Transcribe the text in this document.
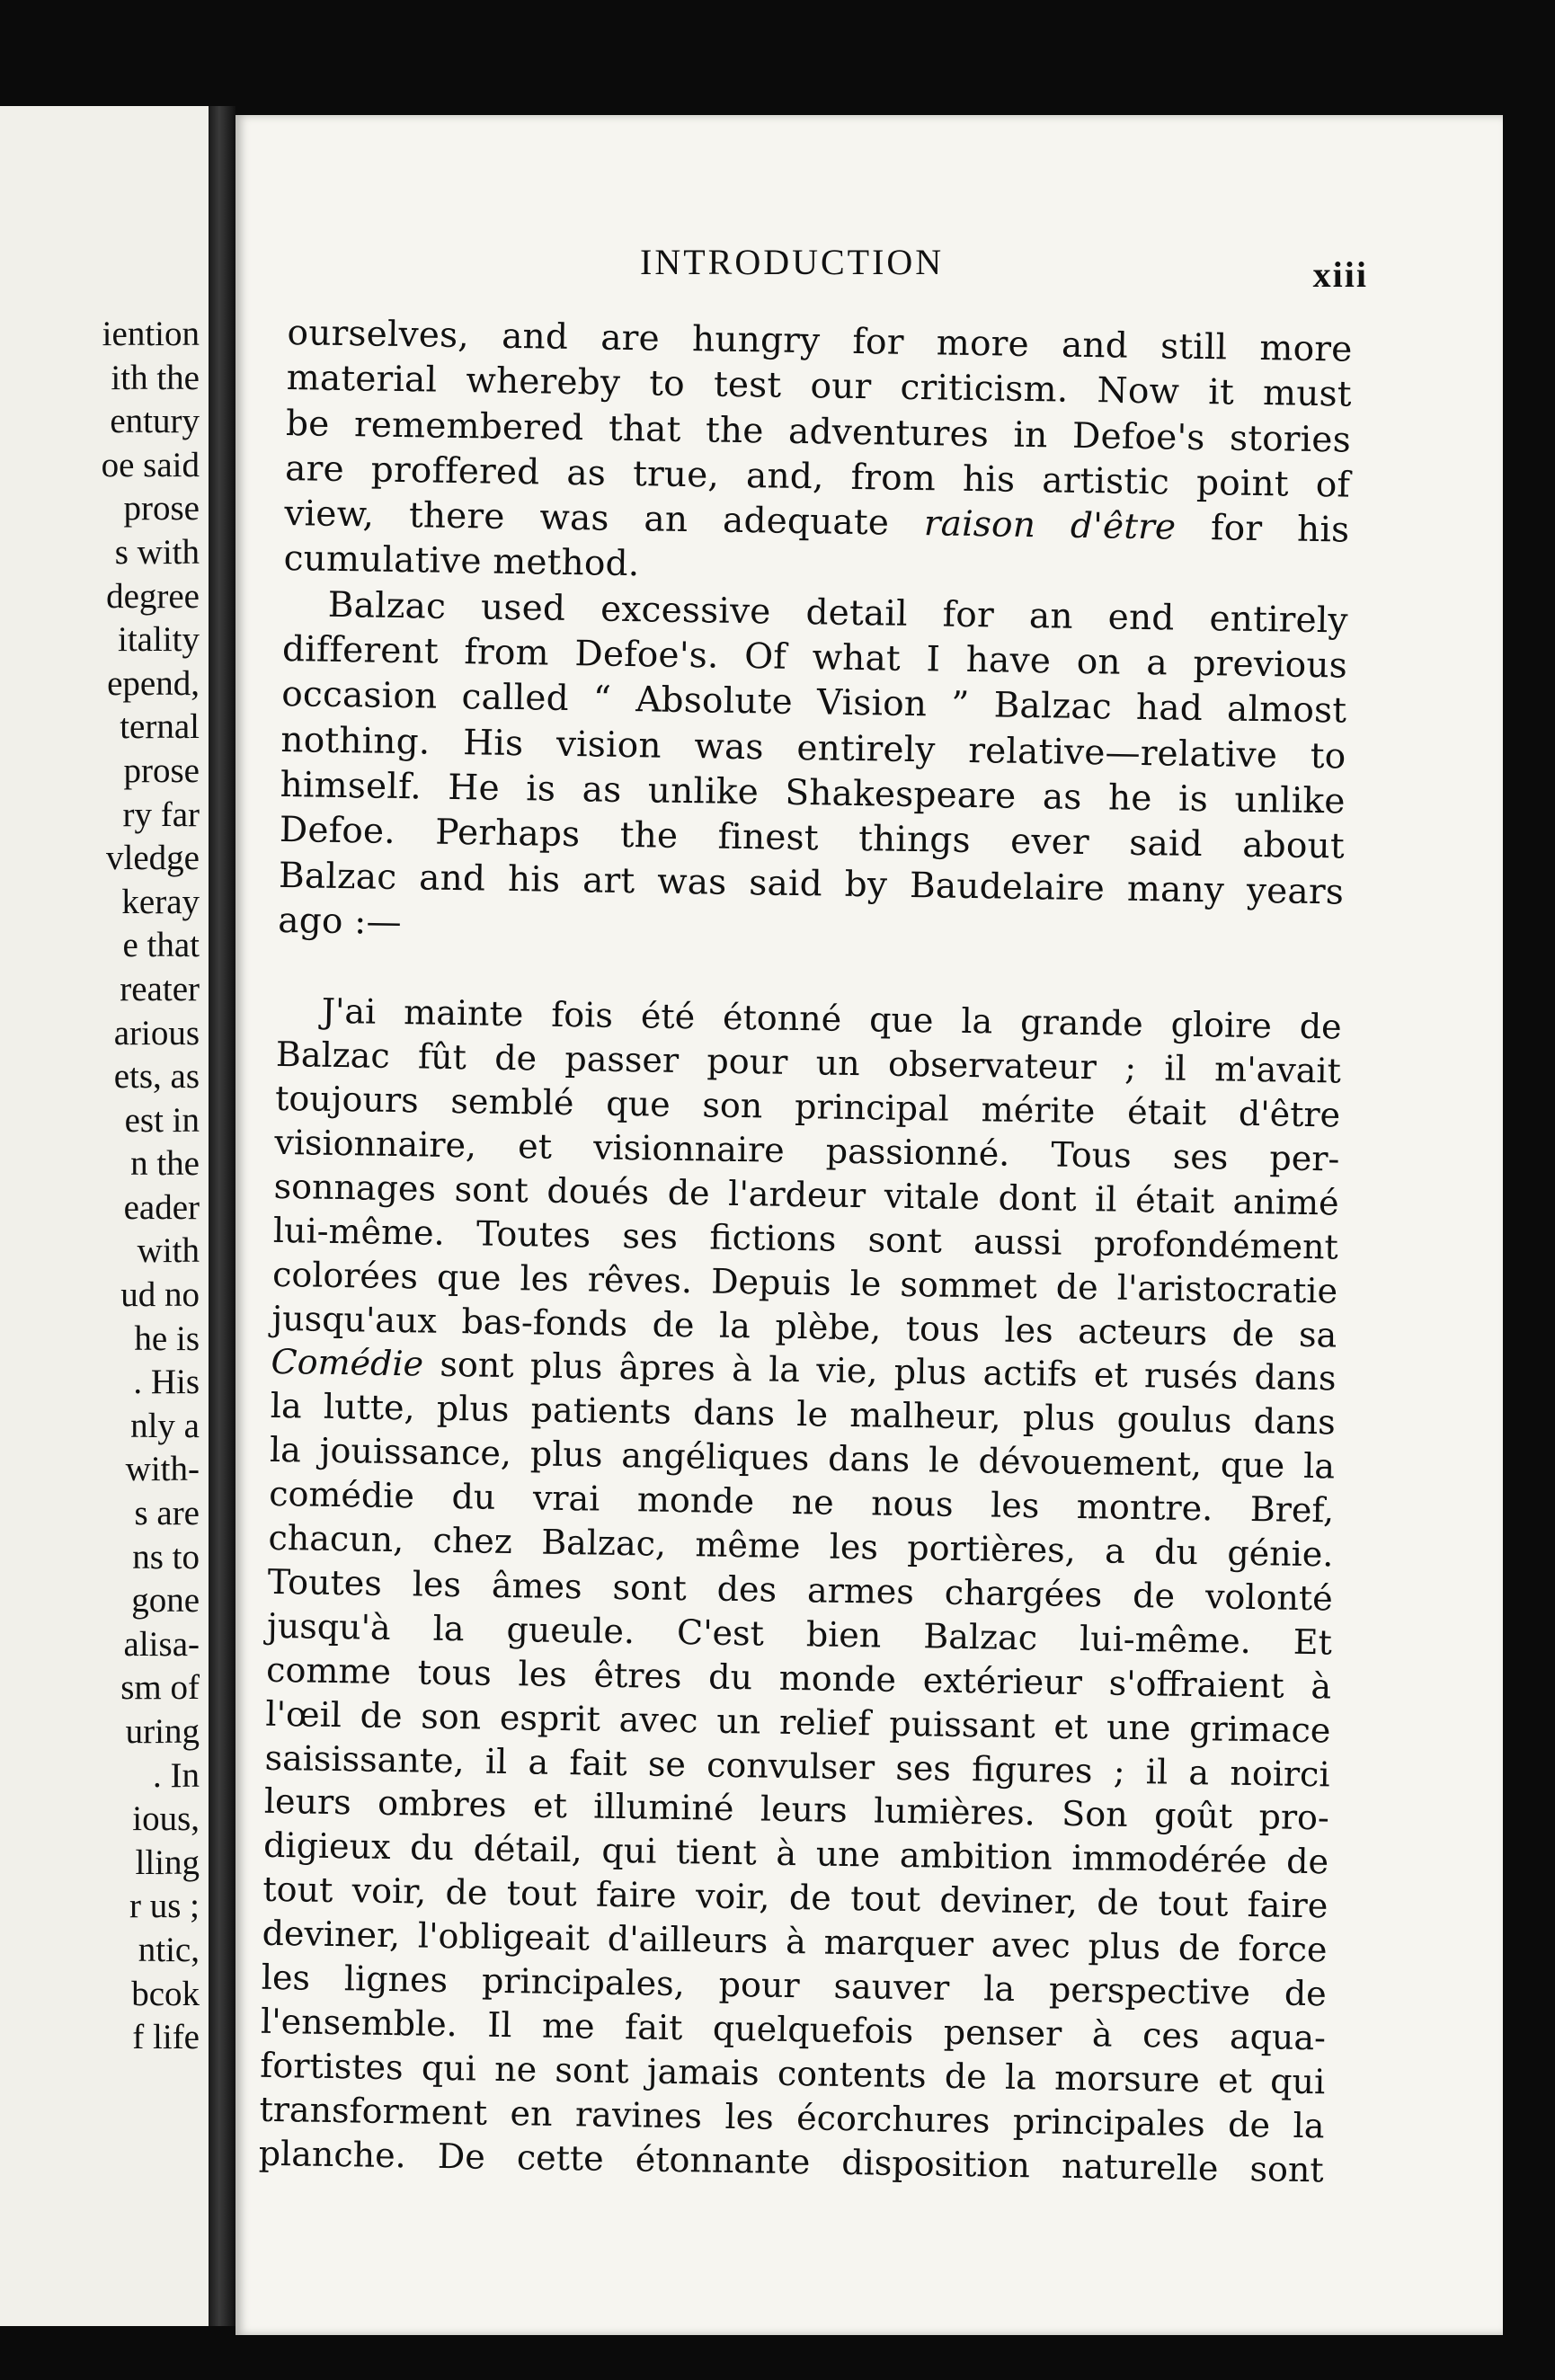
iention
ith the
entury
oe said
prose
s with
degree
itality
epend,
ternal
prose
ry far
vledge
keray
e that
reater
arious
ets, as
est in
n the
eader
with
ud no
he is
. His
nly a
with-
s are
ns to
gone
alisa-
sm of
uring
. In
ious,
lling
r us ;
ntic,
bcok
f life
INTRODUCTION	xiii

ourselves, and are hungry for more and still more
material whereby to test our criticism. Now it must
be remembered that the adventures in Defoe's stories
are proffered as true, and, from his artistic point of
view, there was an adequate raison d'être for his
cumulative method.

Balzac used excessive detail for an end entirely
different from Defoe's. Of what I have on a previous
occasion called “ Absolute Vision ” Balzac had almost
nothing. His vision was entirely relative—relative to
himself. He is as unlike Shakespeare as he is unlike
Defoe. Perhaps the finest things ever said about
Balzac and his art was said by Baudelaire many years
ago :—

J'ai mainte fois été étonné que la grande gloire de
Balzac fût de passer pour un observateur ; il m'avait
toujours semblé que son principal mérite était d'être
visionnaire, et visionnaire passionné. Tous ses per-
sonnages sont doués de l'ardeur vitale dont il était animé
lui-même. Toutes ses fictions sont aussi profondément
colorées que les rêves. Depuis le sommet de l'aristocratie
jusqu'aux bas-fonds de la plèbe, tous les acteurs de sa
Comédie sont plus âpres à la vie, plus actifs et rusés dans
la lutte, plus patients dans le malheur, plus goulus dans
la jouissance, plus angéliques dans le dévouement, que la
comédie du vrai monde ne nous les montre. Bref,
chacun, chez Balzac, même les portières, a du génie.
Toutes les âmes sont des armes chargées de volonté
jusqu'à la gueule. C'est bien Balzac lui-même. Et
comme tous les êtres du monde extérieur s'offraient à
l'œil de son esprit avec un relief puissant et une grimace
saisissante, il a fait se convulser ses figures ; il a noirci
leurs ombres et illuminé leurs lumières. Son goût pro-
digieux du détail, qui tient à une ambition immodérée de
tout voir, de tout faire voir, de tout deviner, de tout faire
deviner, l'obligeait d'ailleurs à marquer avec plus de force
les lignes principales, pour sauver la perspective de
l'ensemble. Il me fait quelquefois penser à ces aqua-
fortistes qui ne sont jamais contents de la morsure et qui
transforment en ravines les écorchures principales de la
planche. De cette étonnante disposition naturelle sont
